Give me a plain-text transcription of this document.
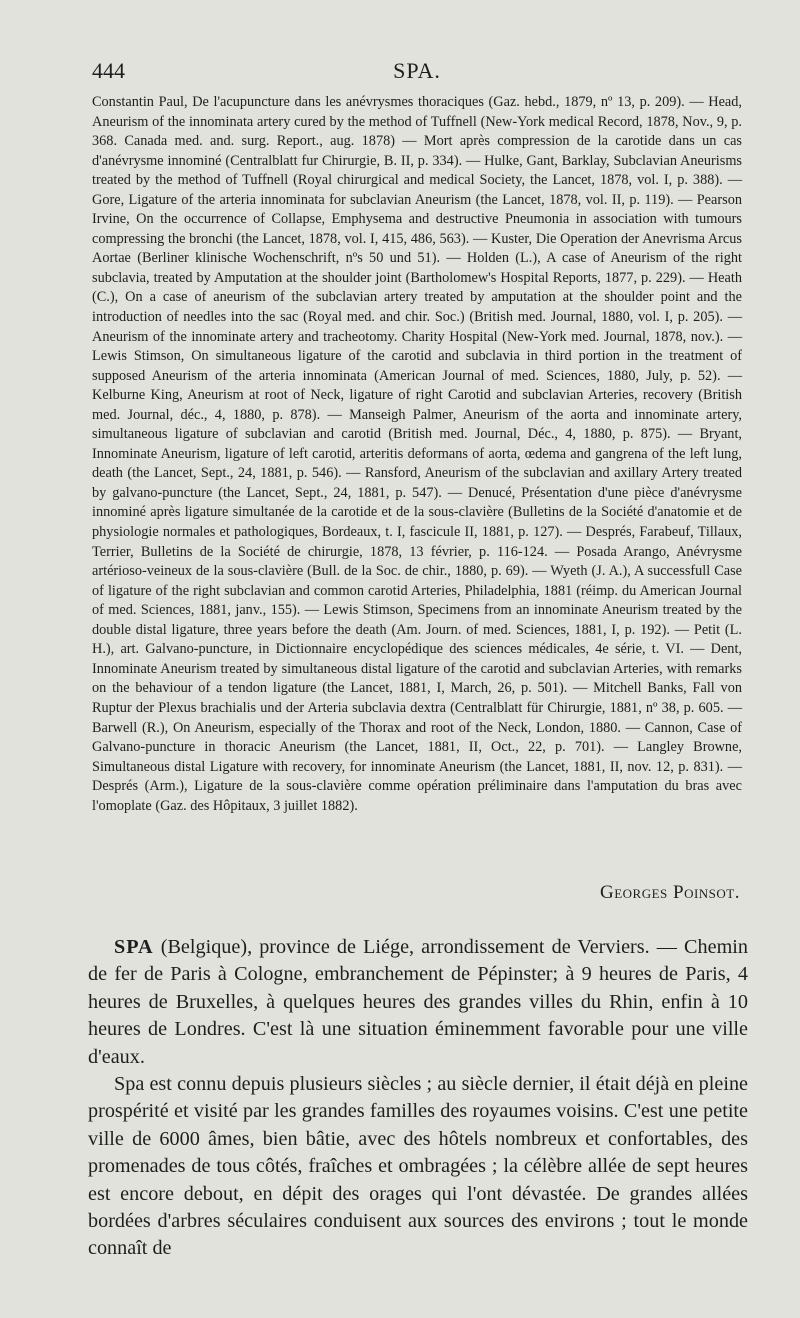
444	SPA.

Constantin Paul, De l'acupuncture dans les anévrysmes thoraciques (Gaz. hebd., 1879, nº 13, p. 209). — Head, Aneurism of the innominata artery cured by the method of Tuffnell (New-York medical Record, 1878, Nov., 9, p. 368. Canada med. and. surg. Report., aug. 1878) — Mort après compression de la carotide dans un cas d'anévrysme innominé (Centralblatt fur Chirurgie, B. II, p. 334). — Hulke, Gant, Barklay, Subclavian Aneurisms treated by the method of Tuffnell (Royal chirurgical and medical Society, the Lancet, 1878, vol. I, p. 388). — Gore, Ligature of the arteria innominata for subclavian Aneurism (the Lancet, 1878, vol. II, p. 119). — Pearson Irvine, On the occurrence of Collapse, Emphysema and destructive Pneumonia in association with tumours compressing the bronchi (the Lancet, 1878, vol. I, 415, 486, 563). — Kuster, Die Operation der Anevrisma Arcus Aortae (Berliner klinische Wochenschrift, nºs 50 und 51). — Holden (L.), A case of Aneurism of the right subclavia, treated by Amputation at the shoulder joint (Bartholomew's Hospital Reports, 1877, p. 229). — Heath (C.), On a case of aneurism of the subclavian artery treated by amputation at the shoulder point and the introduction of needles into the sac (Royal med. and chir. Soc.) (British med. Journal, 1880, vol. I, p. 205). — Aneurism of the innominate artery and tracheotomy. Charity Hospital (New-York med. Journal, 1878, nov.). — Lewis Stimson, On simultaneous ligature of the carotid and subclavia in third portion in the treatment of supposed Aneurism of the arteria innominata (American Journal of med. Sciences, 1880, July, p. 52). — Kelburne King, Aneurism at root of Neck, ligature of right Carotid and subclavian Arteries, recovery (British med. Journal, déc., 4, 1880, p. 878). — Manseigh Palmer, Aneurism of the aorta and innominate artery, simultaneous ligature of subclavian and carotid (British med. Journal, Déc., 4, 1880, p. 875). — Bryant, Innominate Aneurism, ligature of left carotid, arteritis deformans of aorta, œdema and gangrena of the left lung, death (the Lancet, Sept., 24, 1881, p. 546). — Ransford, Aneurism of the subclavian and axillary Artery treated by galvano-puncture (the Lancet, Sept., 24, 1881, p. 547). — Denucé, Présentation d'une pièce d'anévrysme innominé après ligature simultanée de la carotide et de la sous-clavière (Bulletins de la Société d'anatomie et de physiologie normales et pathologiques, Bordeaux, t. I, fascicule II, 1881, p. 127). — Després, Farabeuf, Tillaux, Terrier, Bulletins de la Société de chirurgie, 1878, 13 février, p. 116-124. — Posada Arango, Anévrysme artérioso-veineux de la sous-clavière (Bull. de la Soc. de chir., 1880, p. 69). — Wyeth (J. A.), A successfull Case of ligature of the right subclavian and common carotid Arteries, Philadelphia, 1881 (réimp. du American Journal of med. Sciences, 1881, janv., 155). — Lewis Stimson, Specimens from an innominate Aneurism treated by the double distal ligature, three years before the death (Am. Journ. of med. Sciences, 1881, I, p. 192). — Petit (L. H.), art. Galvano-puncture, in Dictionnaire encyclopédique des sciences médicales, 4e série, t. VI. — Dent, Innominate Aneurism treated by simultaneous distal ligature of the carotid and subclavian Arteries, with remarks on the behaviour of a tendon ligature (the Lancet, 1881, I, March, 26, p. 501). — Mitchell Banks, Fall von Ruptur der Plexus brachialis und der Arteria subclavia dextra (Centralblatt für Chirurgie, 1881, nº 38, p. 605. — Barwell (R.), On Aneurism, especially of the Thorax and root of the Neck, London, 1880. — Cannon, Case of Galvano-puncture in thoracic Aneurism (the Lancet, 1881, II, Oct., 22, p. 701). — Langley Browne, Simultaneous distal Ligature with recovery, for innominate Aneurism (the Lancet, 1881, II, nov. 12, p. 831). — Després (Arm.), Ligature de la sous-clavière comme opération préliminaire dans l'amputation du bras avec l'omoplate (Gaz. des Hôpitaux, 3 juillet 1882).

Georges Poinsot.

SPA (Belgique), province de Liége, arrondissement de Verviers. — Chemin de fer de Paris à Cologne, embranchement de Pépinster; à 9 heures de Paris, 4 heures de Bruxelles, à quelques heures des grandes villes du Rhin, enfin à 10 heures de Londres. C'est là une situation éminemment favorable pour une ville d'eaux.

Spa est connu depuis plusieurs siècles ; au siècle dernier, il était déjà en pleine prospérité et visité par les grandes familles des royaumes voisins. C'est une petite ville de 6000 âmes, bien bâtie, avec des hôtels nombreux et confortables, des promenades de tous côtés, fraîches et ombragées ; la célèbre allée de sept heures est encore debout, en dépit des orages qui l'ont dévastée. De grandes allées bordées d'arbres séculaires conduisent aux sources des environs ; tout le monde connaît de
